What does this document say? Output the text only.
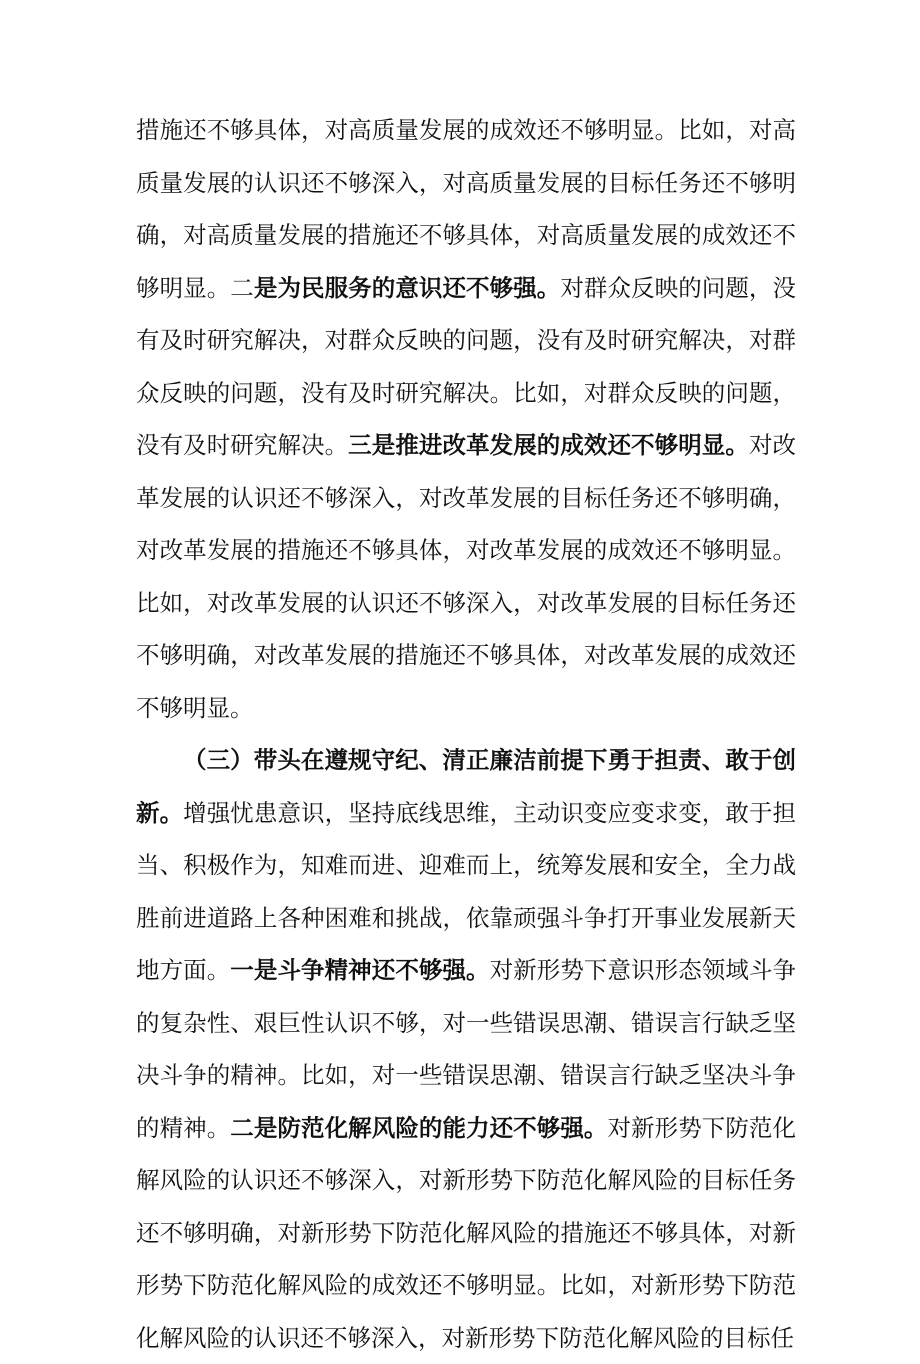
措施还不够具体，对高质量发展的成效还不够明显。比如，对高质量发展的认识还不够深入，对高质量发展的目标任务还不够明确，对高质量发展的措施还不够具体，对高质量发展的成效还不够明显。二是为民服务的意识还不够强。对群众反映的问题，没有及时研究解决，对群众反映的问题，没有及时研究解决，对群众反映的问题，没有及时研究解决。比如，对群众反映的问题，没有及时研究解决。三是推进改革发展的成效还不够明显。对改革发展的认识还不够深入，对改革发展的目标任务还不够明确，对改革发展的措施还不够具体，对改革发展的成效还不够明显。比如，对改革发展的认识还不够深入，对改革发展的目标任务还不够明确，对改革发展的措施还不够具体，对改革发展的成效还不够明显。

（三）带头在遵规守纪、清正廉洁前提下勇于担责、敢于创新。增强忧患意识，坚持底线思维，主动识变应变求变，敢于担当、积极作为，知难而进、迎难而上，统筹发展和安全，全力战胜前进道路上各种困难和挑战，依靠顽强斗争打开事业发展新天地方面。一是斗争精神还不够强。对新形势下意识形态领域斗争的复杂性、艰巨性认识不够，对一些错误思潮、错误言行缺乏坚决斗争的精神。比如，对一些错误思潮、错误言行缺乏坚决斗争的精神。二是防范化解风险的能力还不够强。对新形势下防范化解风险的认识还不够深入，对新形势下防范化解风险的目标任务还不够明确，对新形势下防范化解风险的措施还不够具体，对新形势下防范化解风险的成效还不够明显。比如，对新形势下防范化解风险的认识还不够深入，对新形势下防范化解风险的目标任
